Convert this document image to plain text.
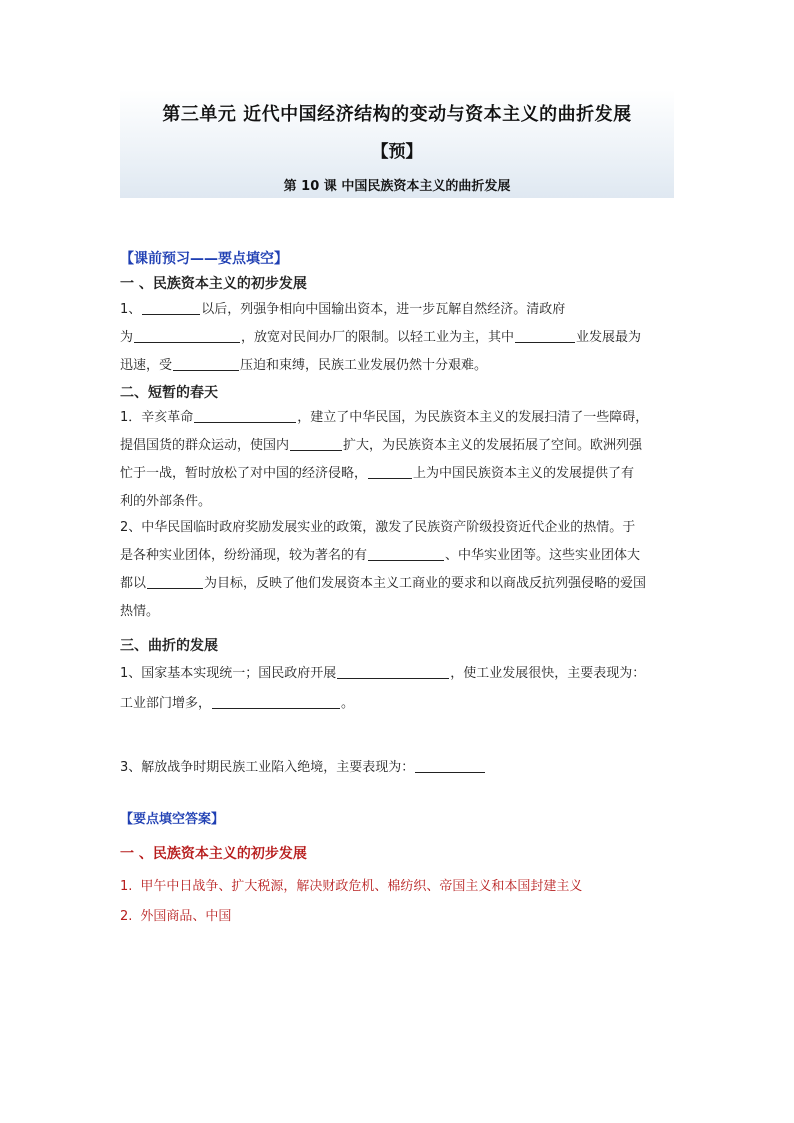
第三单元 近代中国经济结构的变动与资本主义的曲折发展
【预】
第 10 课 中国民族资本主义的曲折发展
【课前预习——要点填空】
一 、民族资本主义的初步发展
1、	以后，列强争相向中国输出资本，进一步瓦解自然经济。清政府
为	，放宽对民间办厂的限制。以轻工业为主，其中	业发展最为
迅速，受	压迫和束缚，民族工业发展仍然十分艰难。
二、短暂的春天
1．辛亥革命	，建立了中华民国，为民族资本主义的发展扫清了一些障碍，
提倡国货的群众运动，使国内	扩大，为民族资本主义的发展拓展了空间。欧洲列强
忙于一战，暂时放松了对中国的经济侵略，	上为中国民族资本主义的发展提供了有
利的外部条件。
2、中华民国临时政府奖励发展实业的政策，激发了民族资产阶级投资近代企业的热情。于
是各种实业团体，纷纷涌现，较为著名的有	、中华实业团等。这些实业团体大
都以	为目标，反映了他们发展资本主义工商业的要求和以商战反抗列强侵略的爱国
热情。
三、曲折的发展
1、国家基本实现统一；国民政府开展	，使工业发展很快，主要表现为：
工业部门增多，	。
3、解放战争时期民族工业陷入绝境，主要表现为：
【要点填空答案】
一 、民族资本主义的初步发展
1. 甲午中日战争、扩大税源，解决财政危机、棉纺织、帝国主义和本国封建主义
2. 外国商品、中国
